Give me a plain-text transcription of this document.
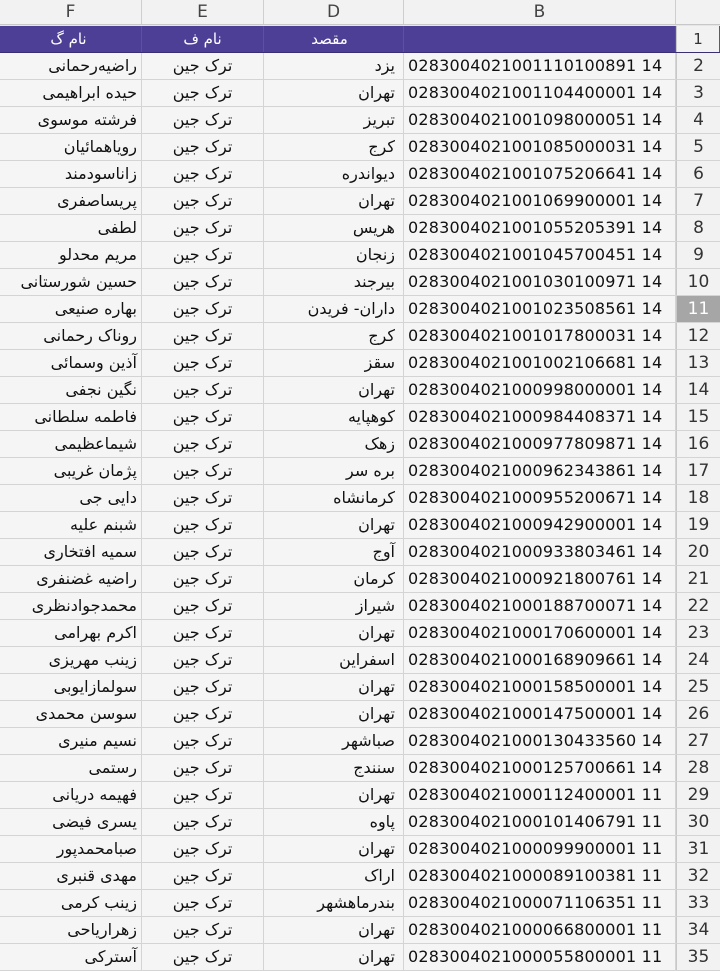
F	E	D	B
نام گ	نام ف	مقصد	1
راضیه‌رحمانی	ترک جین	یزد 0283004021001110100891 14	2
حیده ابراهیمی	ترک جین	تهران 0283004021001104400001 14	3
فرشته موسوی	ترک جین	تبریز 0283004021001098000051 14	4
رویاهمائیان	ترک جین	کرج 0283004021001085000031 14	5
زاناسودمند	ترک جین	دیواندره 0283004021001075206641 14	6
پریساصفری	ترک جین	تهران 0283004021001069900001 14	7
لطفی	ترک جین	هریس 0283004021001055205391 14	8
مریم محدلو	ترک جین	زنجان 0283004021001045700451 14	9
حسین شورستانی	ترک جین	بیرجند 0283004021001030100971 14	10
بهاره صنیعی	ترک جین	داران- فریدن 0283004021001023508561 14	11
روناک رحمانی	ترک جین	کرج 0283004021001017800031 14	12
آذین وسمائی	ترک جین	سقز 0283004021001002106681 14	13
نگین نجفی	ترک جین	تهران 0283004021000998000001 14	14
فاطمه سلطانی	ترک جین	کوهپایه 0283004021000984408371 14	15
شیماعظیمی	ترک جین	زهک 0283004021000977809871 14	16
پژمان غریبی	ترک جین	بره سر 0283004021000962343861 14	17
دایی جی	ترک جین	کرمانشاه 0283004021000955200671 14	18
شبنم علیه	ترک جین	تهران 0283004021000942900001 14	19
سمیه افتخاری	ترک جین	آوج 0283004021000933803461 14	20
راضیه غضنفری	ترک جین	کرمان 0283004021000921800761 14	21
محمدجوادنظری	ترک جین	شیراز 0283004021000188700071 14	22
اکرم بهرامی	ترک جین	تهران 0283004021000170600001 14	23
زینب مهریزی	ترک جین	اسفراین 0283004021000168909661 14	24
سولمازایوبی	ترک جین	تهران 0283004021000158500001 14	25
سوسن محمدی	ترک جین	تهران 0283004021000147500001 14	26
نسیم منیری	ترک جین	صباشهر 0283004021000130433560 14	27
رستمی	ترک جین	سنندج 0283004021000125700661 14	28
فهیمه دریانی	ترک جین	تهران 0283004021000112400001 11	29
یسری فیضی	ترک جین	پاوه 0283004021000101406791 11	30
صبامحمدپور	ترک جین	تهران 0283004021000099900001 11	31
مهدی قنبری	ترک جین	اراک 0283004021000089100381 11	32
زینب کرمی	ترک جین	بندرماهشهر 0283004021000071106351 11	33
زهراریاحی	ترک جین	تهران 0283004021000066800001 11	34
آسترکی	ترک جین	تهران 0283004021000055800001 11	35
